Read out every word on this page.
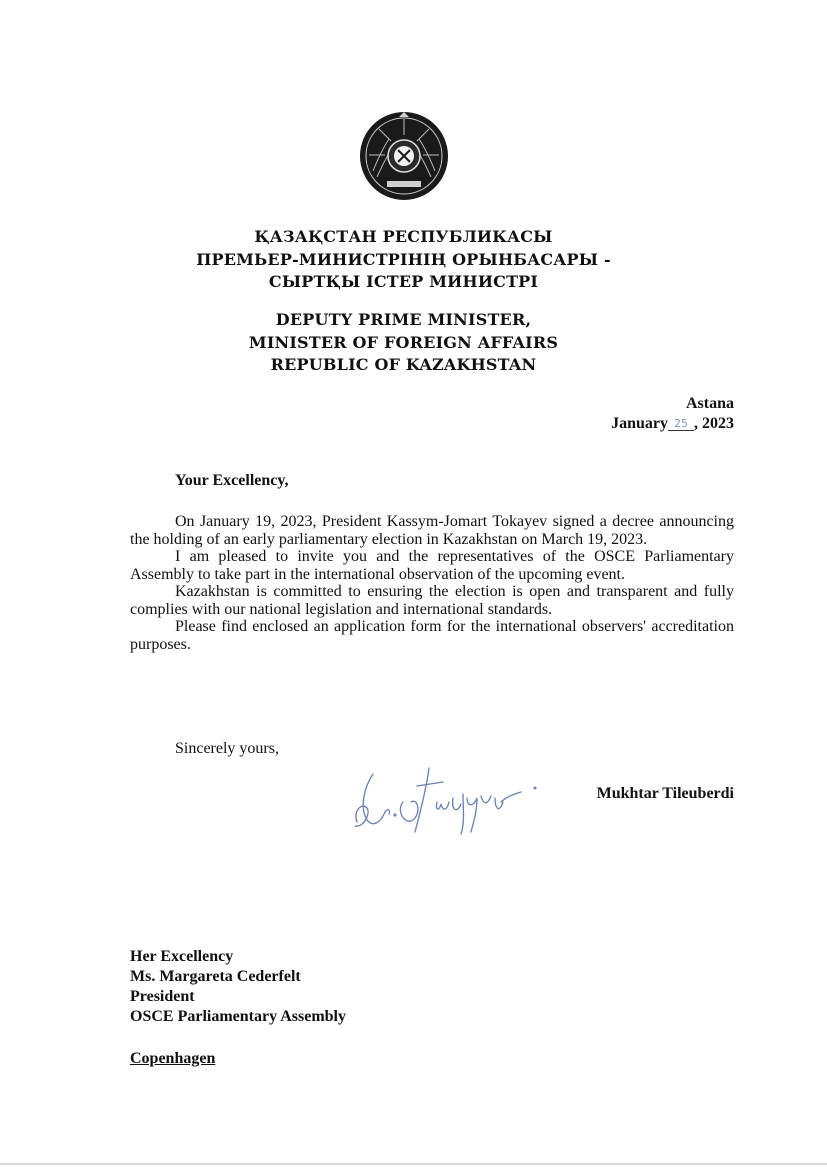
ҚАЗАҚСТАН РЕСПУБЛИКАСЫ
ПРЕМЬЕР-МИНИСТРІНІҢ ОРЫНБАСАРЫ -
СЫРТҚЫ ІСТЕР МИНИСТРІ
DEPUTY PRIME MINISTER,
MINISTER OF FOREIGN AFFAIRS
REPUBLIC OF KAZAKHSTAN
Astana
January 25 , 2023
Your Excellency,

On January 19, 2023, President Kassym-Jomart Tokayev signed a decree announcing the holding of an early parliamentary election in Kazakhstan on March 19, 2023.

I am pleased to invite you and the representatives of the OSCE Parliamentary Assembly to take part in the international observation of the upcoming event.

Kazakhstan is committed to ensuring the election is open and transparent and fully complies with our national legislation and international standards.

Please find enclosed an application form for the international observers' accreditation purposes.

Sincerely yours,
Mukhtar Tileuberdi
Her Excellency
Ms. Margareta Cederfelt
President
OSCE Parliamentary Assembly
Copenhagen
